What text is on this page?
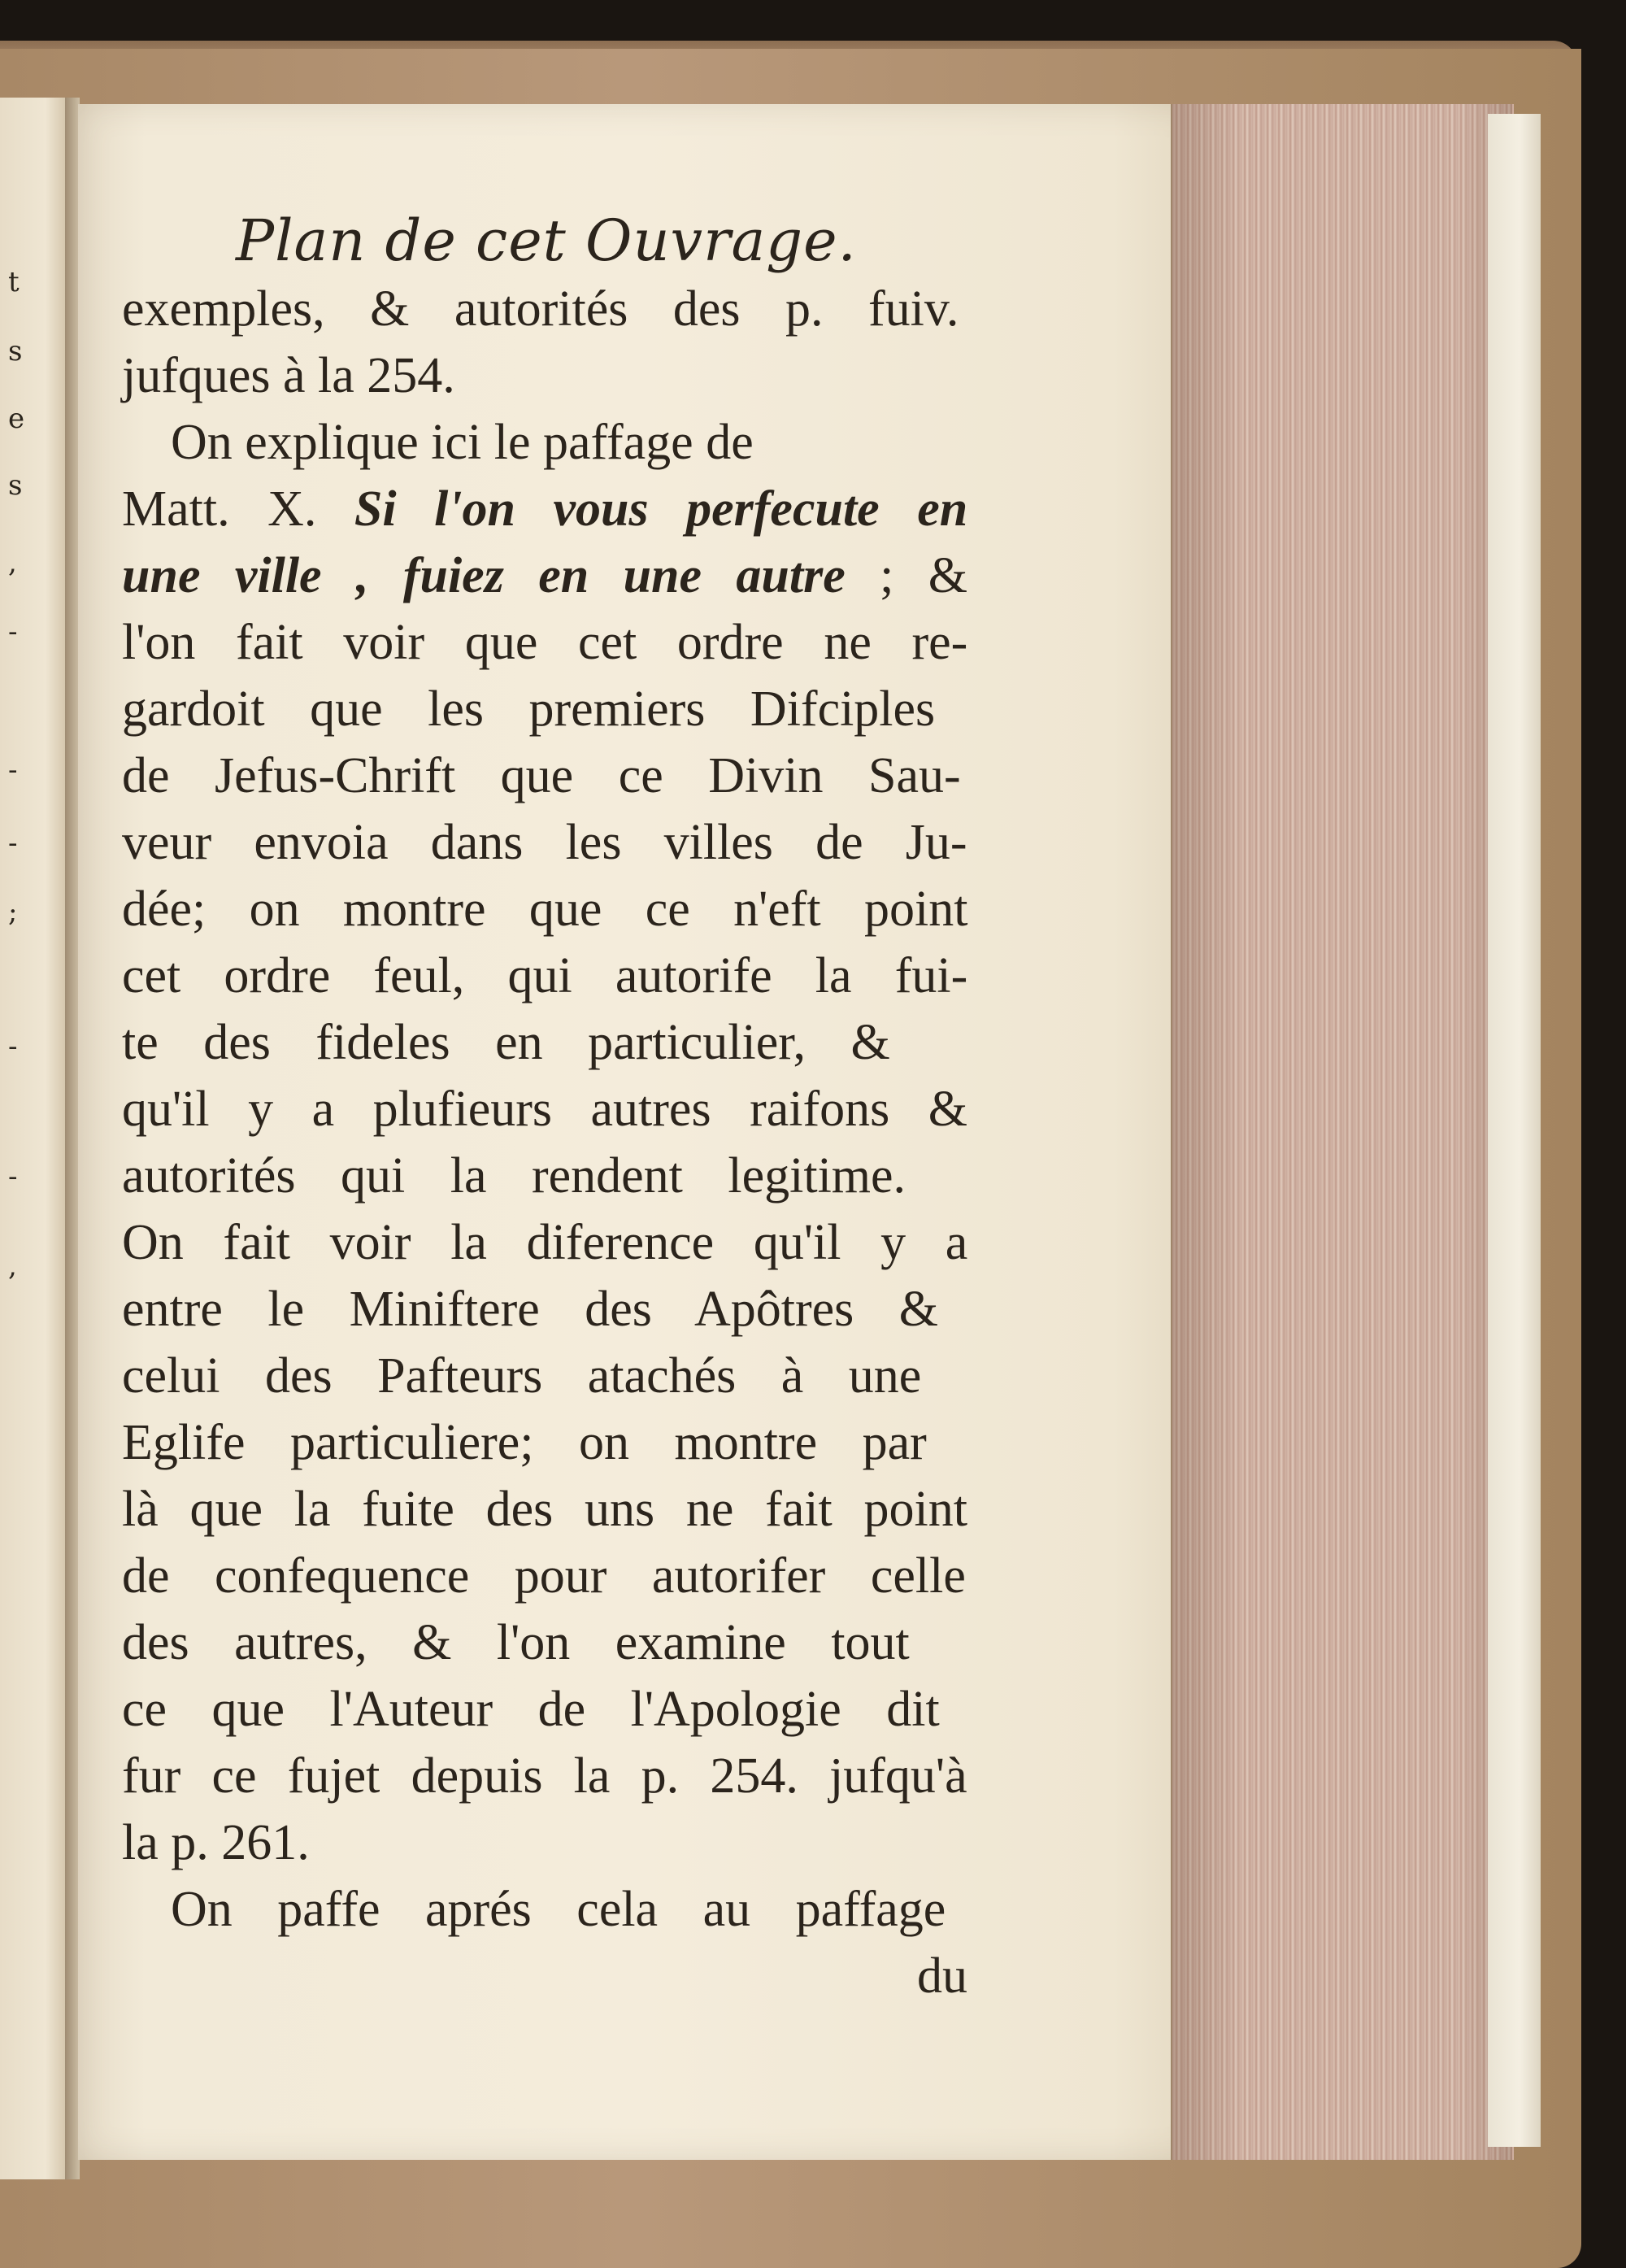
t
s
e
s
,
-
-
-
;
-
-
,
Plan de cet Ouvrage.
exemples, & autorités des p. fuiv.
jufques à la 254.
On explique ici le paffage de
Matt. X. Si l'on vous perfecute en
une ville , fuiez en une autre ; &
l'on fait voir que cet ordre ne re-
gardoit que les premiers Difciples
de Jefus-Chrift que ce Divin Sau-
veur envoia dans les villes de Ju-
dée; on montre que ce n'eft point
cet ordre feul, qui autorife la fui-
te des fideles en particulier, &
qu'il y a plufieurs autres raifons &
autorités qui la rendent legitime.
On fait voir la diference qu'il y a
entre le Miniftere des Apôtres &
celui des Pafteurs atachés à une
Eglife particuliere; on montre par
là que la fuite des uns ne fait point
de confequence pour autorifer celle
des autres, & l'on examine tout
ce que l'Auteur de l'Apologie dit
fur ce fujet depuis la p. 254. jufqu'à
la p. 261.
On paffe aprés cela au paffage
du
